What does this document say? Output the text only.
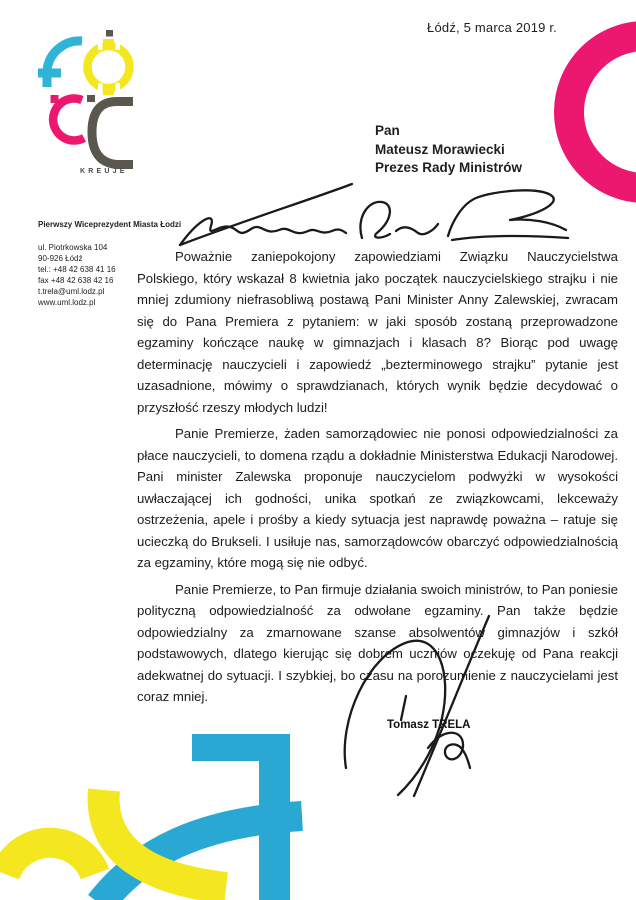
Łódź, 5 marca 2019 r.
KREUJE
Pierwszy Wiceprezydent Miasta Łodzi
ul. Piotrkowska 104
90-926 Łódź
tel.: +48 42 638 41 16
fax +48 42 638 42 16
t.trela@uml.lodz.pl
www.uml.lodz.pl
Pan
Mateusz Morawiecki
Prezes Rady Ministrów

Poważnie zaniepokojony zapowiedziami Związku Nauczycielstwa Polskiego, który wskazał 8 kwietnia jako początek nauczycielskiego strajku i nie mniej zdumiony niefrasobliwą postawą Pani Minister Anny Zalewskiej, zwracam się do Pana Premiera z pytaniem: w jaki sposób zostaną przeprowadzone egzaminy kończące naukę w gimnazjach i klasach 8? Biorąc pod uwagę determinację nauczycieli i zapowiedź „bezterminowego strajku” pytanie jest uzasadnione, mówimy o sprawdzianach, których wynik będzie decydować o przyszłość rzeszy młodych ludzi!

Panie Premierze, żaden samorządowiec nie ponosi odpowiedzialności za płace nauczycieli, to domena rządu a dokładnie Ministerstwa Edukacji Narodowej. Pani minister Zalewska proponuje nauczycielom podwyżki w wysokości uwłaczającej ich godności, unika spotkań ze związkowcami, lekceważy ostrzeżenia, apele i prośby a kiedy sytuacja jest naprawdę poważna – ratuje się ucieczką do Brukseli. I usiłuje nas, samorządowców obarczyć odpowiedzialnością za egzaminy, które mogą się nie odbyć.

Panie Premierze, to Pan firmuje działania swoich ministrów, to Pan poniesie polityczną odpowiedzialność za odwołane egzaminy. Pan także będzie odpowiedzialny za zmarnowane szanse absolwentów gimnazjów i szkół podstawowych, dlatego kierując się dobrem uczniów oczekuję od Pana reakcji adekwatnej do sytuacji. I szybkiej, bo czasu na porozumienie z nauczycielami jest coraz mniej.

Tomasz TRELA
